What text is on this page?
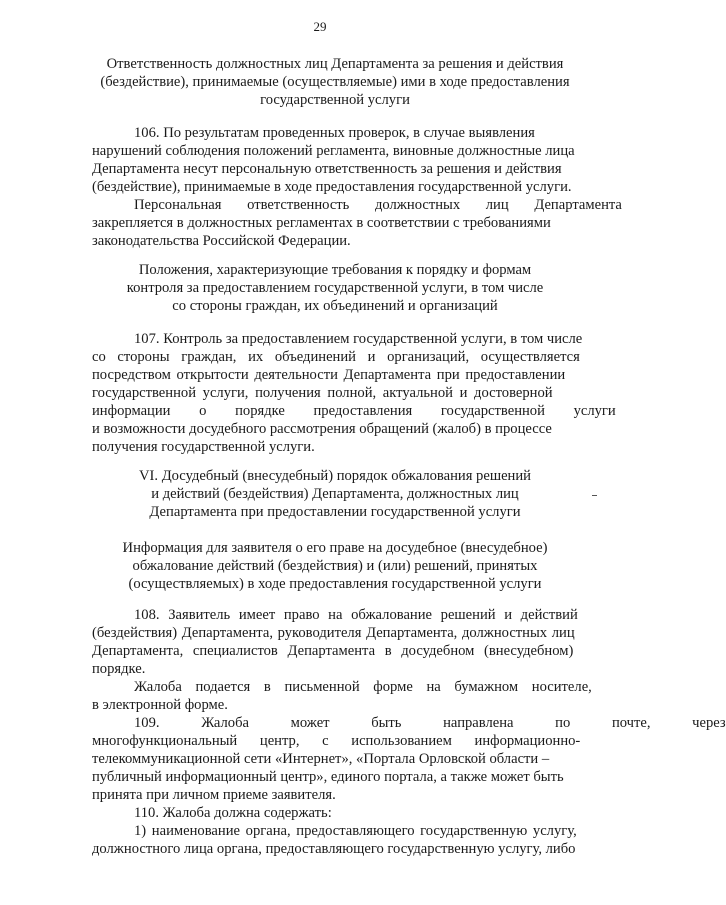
29
Ответственность должностных лиц Департамента за решения и действия
(бездействие), принимаемые (осуществляемые) ими в ходе предоставления
государственной услуги
106. По результатам проведенных проверок, в случае выявления
нарушений соблюдения положений регламента, виновные должностные лица
Департамента несут персональную ответственность за решения и действия
(бездействие), принимаемые в ходе предоставления государственной услуги.
Персональная ответственность должностных лиц Департамента
закрепляется в должностных регламентах в соответствии с требованиями
законодательства Российской Федерации.
Положения, характеризующие требования к порядку и формам
контроля за предоставлением государственной услуги, в том числе
со стороны граждан, их объединений и организаций
107. Контроль за предоставлением государственной услуги, в том числе
со стороны граждан, их объединений и организаций, осуществляется
посредством открытости деятельности Департамента при предоставлении
государственной услуги, получения полной, актуальной и достоверной
информации о порядке предоставления государственной услуги
и возможности досудебного рассмотрения обращений (жалоб) в процессе
получения государственной услуги.
VI. Досудебный (внесудебный) порядок обжалования решений
и действий (бездействия) Департамента, должностных лиц
Департамента при предоставлении государственной услуги
Информация для заявителя о его праве на досудебное (внесудебное)
обжалование действий (бездействия) и (или) решений, принятых
(осуществляемых) в ходе предоставления государственной услуги
108. Заявитель имеет право на обжалование решений и действий
(бездействия) Департамента, руководителя Департамента, должностных лиц
Департамента, специалистов Департамента в досудебном (внесудебном)
порядке.
Жалоба подается в письменной форме на бумажном носителе,
в электронной форме.
109. Жалоба может быть направлена по почте, через
многофункциональный центр, с использованием информационно-
телекоммуникационной сети «Интернет», «Портала Орловской области –
публичный информационный центр», единого портала, а также может быть
принята при личном приеме заявителя.
110. Жалоба должна содержать:
1) наименование органа, предоставляющего государственную услугу,
должностного лица органа, предоставляющего государственную услугу, либо
